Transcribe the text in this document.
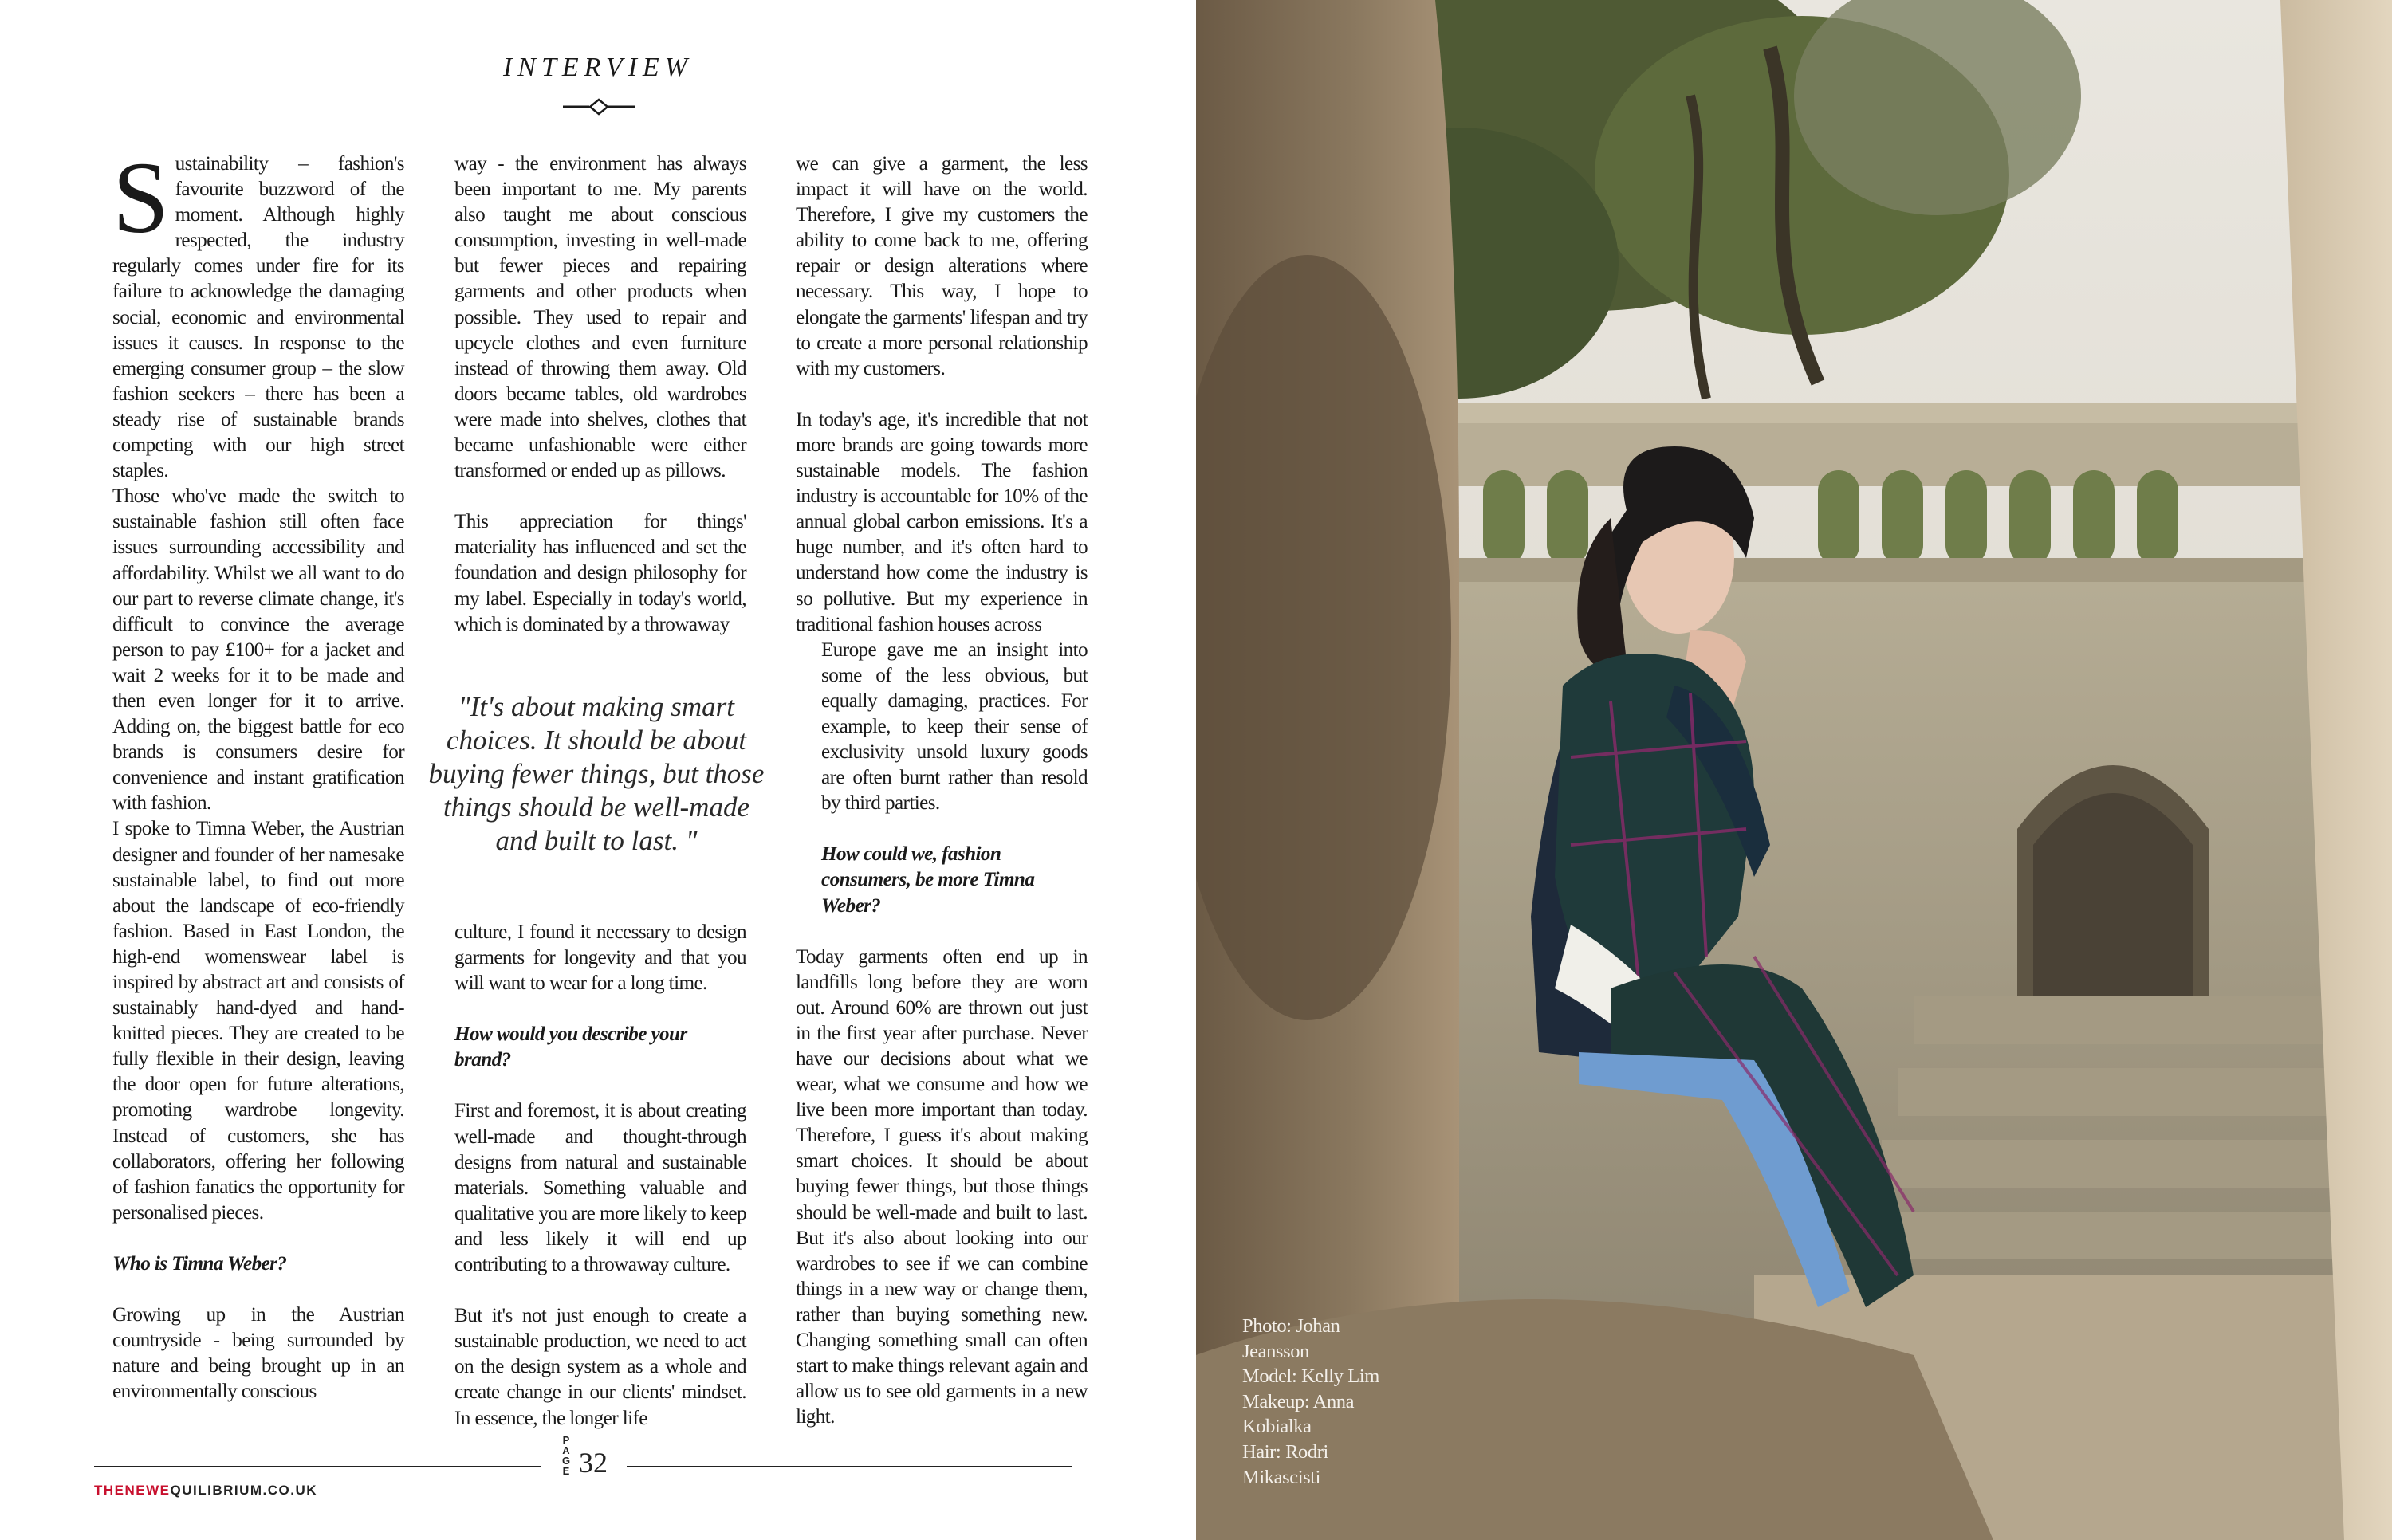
INTERVIEW

Sustainability – fashion's favourite buzzword of the moment. Although highly respected, the industry regularly comes under fire for its failure to acknowledge the damaging social, economic and environmental issues it causes. In response to the emerging consumer group – the slow fashion seekers – there has been a steady rise of sustainable brands competing with our high street staples.

Those who've made the switch to sustainable fashion still often face issues surrounding accessibility and affordability. Whilst we all want to do our part to reverse climate change, it's difficult to convince the average person to pay £100+ for a jacket and wait 2 weeks for it to be made and then even longer for it to arrive. Adding on, the biggest battle for eco brands is consumers desire for convenience and instant gratification with fashion.

I spoke to Timna Weber, the Austrian designer and founder of her namesake sustainable label, to find out more about the landscape of eco-friendly fashion. Based in East London, the high-end womenswear label is inspired by abstract art and consists of sustainably hand-dyed and hand-knitted pieces. They are created to be fully flexible in their design, leaving the door open for future alterations, promoting wardrobe longevity. Instead of customers, she has collaborators, offering her following of fashion fanatics the opportunity for personalised pieces.

Who is Timna Weber?

Growing up in the Austrian countryside - being surrounded by nature and being brought up in an environmentally conscious

way - the environment has always been important to me. My parents also taught me about conscious consumption, investing in well-made but fewer pieces and repairing garments and other products when possible. They used to repair and upcycle clothes and even furniture instead of throwing them away. Old doors became tables, old wardrobes were made into shelves, clothes that became unfashionable were either transformed or ended up as pillows.

This appreciation for things' materiality has influenced and set the foundation and design philosophy for my label. Especially in today's world, which is dominated by a throwaway

"It's about making smart choices. It should be about buying fewer things, but those things should be well-made and built to last. "

culture, I found it necessary to design garments for longevity and that you will want to wear for a long time.

How would you describe your brand?

First and foremost, it is about creating well-made and thought-through designs from natural and sustainable materials. Something valuable and qualitative you are more likely to keep and less likely it will end up contributing to a throwaway culture.

But it's not just enough to create a sustainable production, we need to act on the design system as a whole and create change in our clients' mindset. In essence, the longer life

we can give a garment, the less impact it will have on the world. Therefore, I give my customers the ability to come back to me, offering repair or design alterations where necessary. This way, I hope to elongate the garments' lifespan and try to create a more personal relationship with my customers.

In today's age, it's incredible that not more brands are going towards more sustainable models. The fashion industry is accountable for 10% of the annual global carbon emissions. It's a huge number, and it's often hard to understand how come the industry is so pollutive. But my experience in traditional fashion houses across

Europe gave me an insight into some of the less obvious, but equally damaging, practices. For example, to keep their sense of exclusivity unsold luxury goods are often burnt rather than resold by third parties.

How could we, fashion consumers, be more Timna Weber?

Today garments often end up in landfills long before they are worn out. Around 60% are thrown out just in the first year after purchase. Never have our decisions about what we wear, what we consume and how we live been more important than today. Therefore, I guess it's about making smart choices. It should be about buying fewer things, but those things should be well-made and built to last. But it's also about looking into our wardrobes to see if we can combine things in a new way or change them, rather than buying something new. Changing something small can often start to make things relevant again and allow us to see old garments in a new light.

P
A
G
E 32
THENEWEQUILIBRIUM.CO.UK
Photo: Johan
Jeansson
Model: Kelly Lim
Makeup: Anna
Kobialka
Hair: Rodri
Mikascisti
